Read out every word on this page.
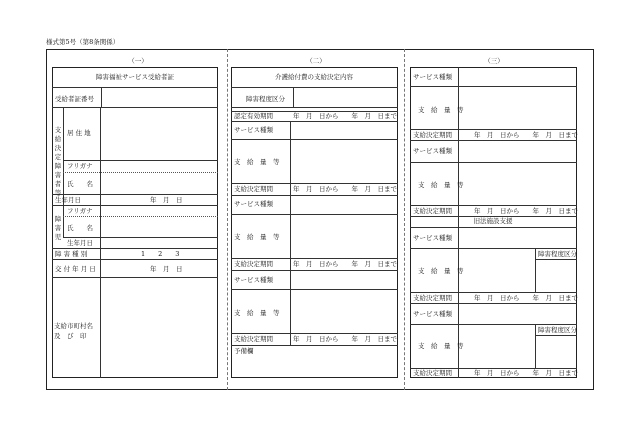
様式第5号（第8条関係）
（一）	（二）	（三）
障害福祉サービス受給者証
受給者証番号
支給決定障害者等
居 住 地
フリガナ
氏　　名
生年月日	年　月　日
障害児
フリガナ
氏　　名
生年月日
障 害 種 別	1　　2　　3
交 付 年 月 日	年　月　日
支給市町村名
及　び　印
介護給付費の支給決定内容
障害程度区分
認定有効期間	年　月　日から　　年　月　日まで
サービス種類
支　給　量　等
支給決定期間	年　月　日から　　年　月　日まで
サービス種類
支　給　量　等
支給決定期間	年　月　日から　　年　月　日まで
サービス種類
支　給　量　等
支給決定期間	年　月　日から　　年　月　日まで
予備欄
サービス種類
支　給　量　等
支給決定期間	年　月　日から　　年　月　日まで
サービス種類
支　給　量　等
支給決定期間	年　月　日から　　年　月　日まで
旧法施設支援
サービス種類
障害程度区分
支　給　量　等
支給決定期間	年　月　日から　　年　月　日まで
サービス種類
障害程度区分
支　給　量　等
支給決定期間	年　月　日から　　年　月　日まで
